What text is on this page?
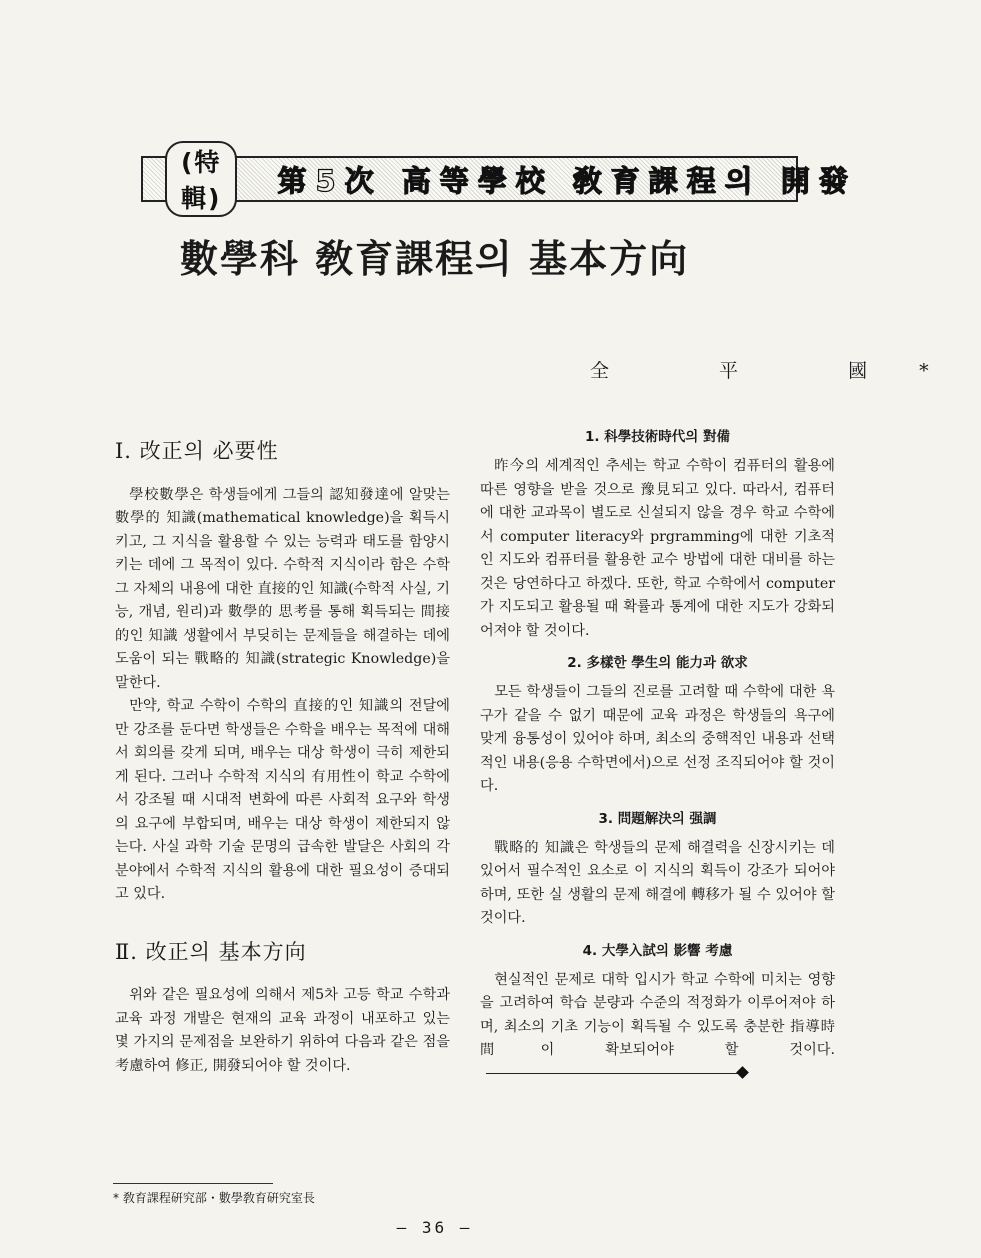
(特輯)
第5次 高等學校 敎育課程의 開發
數學科 敎育課程의 基本方向
全 平 國*
Ⅰ. 改正의 必要性

學校數學은 학생들에게 그들의 認知發達에 알맞는 數學的 知識(mathematical knowledge)을 획득시키고, 그 지식을 활용할 수 있는 능력과 태도를 함양시키는 데에 그 목적이 있다. 수학적 지식이라 함은 수학 그 자체의 내용에 대한 直接的인 知識(수학적 사실, 기능, 개념, 원리)과 數學的 思考를 통해 획득되는 間接的인 知識 생활에서 부딪히는 문제들을 해결하는 데에 도움이 되는 戰略的 知識(strategic Knowledge)을 말한다.

만약, 학교 수학이 수학의 直接的인 知識의 전달에만 강조를 둔다면 학생들은 수학을 배우는 목적에 대해서 회의를 갖게 되며, 배우는 대상 학생이 극히 제한되게 된다. 그러나 수학적 지식의 有用性이 학교 수학에서 강조될 때 시대적 변화에 따른 사회적 요구와 학생의 요구에 부합되며, 배우는 대상 학생이 제한되지 않는다. 사실 과학 기술 문명의 급속한 발달은 사회의 각 분야에서 수학적 지식의 활용에 대한 필요성이 증대되고 있다.

Ⅱ. 改正의 基本方向

위와 같은 필요성에 의해서 제5차 고등 학교 수학과 교육 과정 개발은 현재의 교육 과정이 내포하고 있는 몇 가지의 문제점을 보완하기 위하여 다음과 같은 점을 考慮하여 修正, 開發되어야 할 것이다.

1. 科學技術時代의 對備

昨今의 세계적인 추세는 학교 수학이 컴퓨터의 활용에 따른 영향을 받을 것으로 豫見되고 있다. 따라서, 컴퓨터에 대한 교과목이 별도로 신설되지 않을 경우 학교 수학에서 computer literacy와 prgramming에 대한 기초적인 지도와 컴퓨터를 활용한 교수 방법에 대한 대비를 하는 것은 당연하다고 하겠다. 또한, 학교 수학에서 computer가 지도되고 활용될 때 확률과 통계에 대한 지도가 강화되어져야 할 것이다.

2. 多樣한 學生의 能力과 欲求

모든 학생들이 그들의 진로를 고려할 때 수학에 대한 욕구가 같을 수 없기 때문에 교육 과정은 학생들의 욕구에 맞게 융통성이 있어야 하며, 최소의 중핵적인 내용과 선택적인 내용(응용 수학면에서)으로 선정 조직되어야 할 것이다.

3. 問題解決의 强調

戰略的 知識은 학생들의 문제 해결력을 신장시키는 데 있어서 필수적인 요소로 이 지식의 획득이 강조가 되어야 하며, 또한 실 생활의 문제 해결에 轉移가 될 수 있어야 할 것이다.

4. 大學入試의 影響 考慮

현실적인 문제로 대학 입시가 학교 수학에 미치는 영향을 고려하여 학습 분량과 수준의 적정화가 이루어져야 하며, 최소의 기초 기능이 획득될 수 있도록 충분한 指導時間이 확보되어야 할 것이다.

* 敎育課程硏究部・數學敎育硏究室長
— 36 —
